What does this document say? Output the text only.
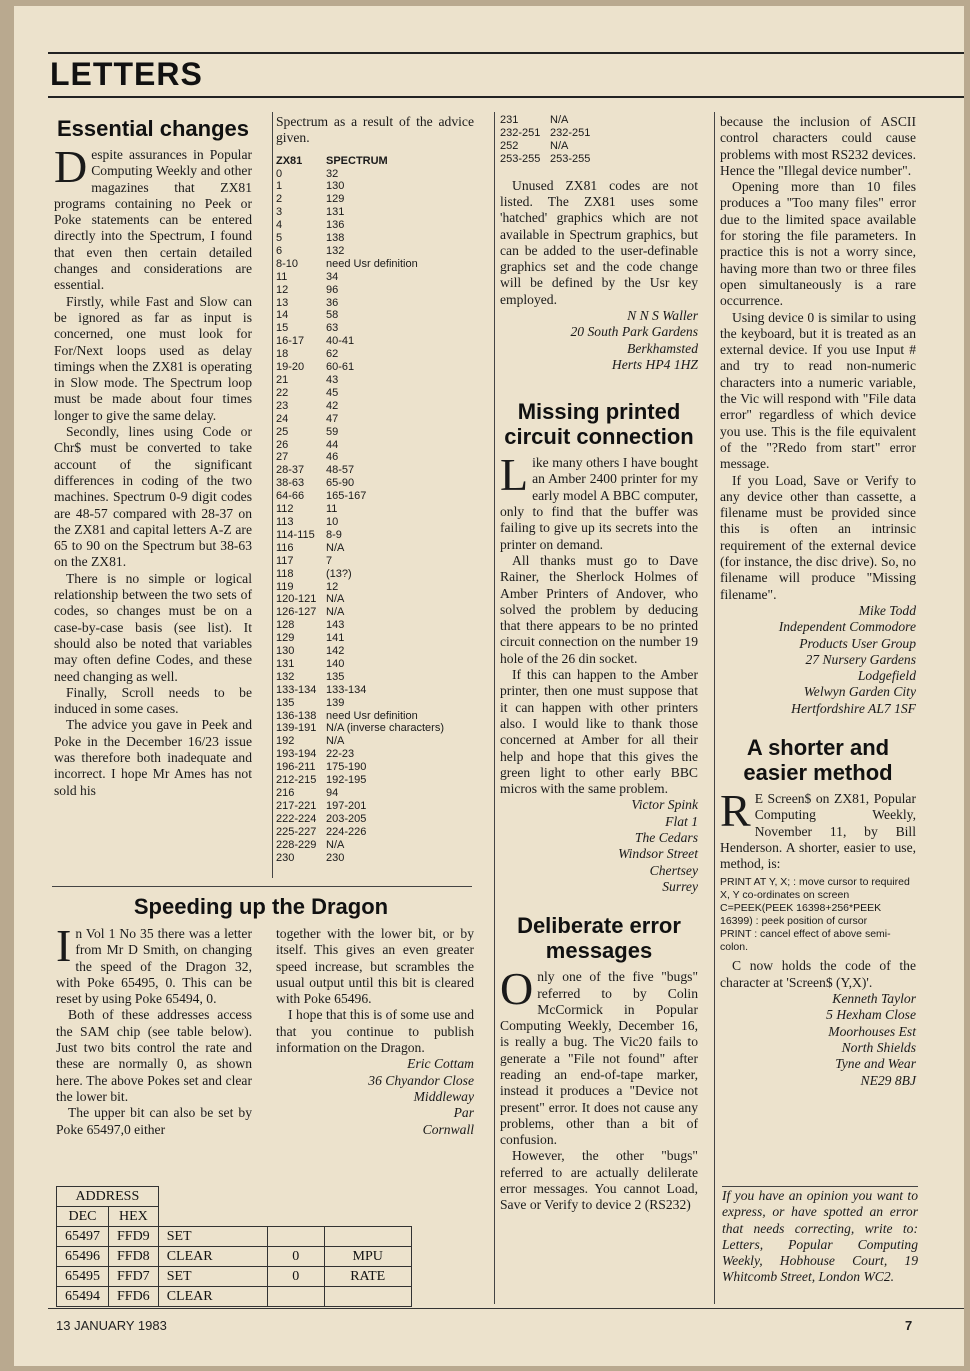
LETTERS
Essential changes

Despite assurances in Popular Computing Weekly and other magazines that ZX81 programs containing no Peek or Poke statements can be entered directly into the Spectrum, I found that even then certain detailed changes and considerations are essential.

Firstly, while Fast and Slow can be ignored as far as input is concerned, one must look for For/Next loops used as delay timings when the ZX81 is operating in Slow mode. The Spectrum loop must be made about four times longer to give the same delay.

Secondly, lines using Code or Chr$ must be converted to take account of the significant differences in coding of the two machines. Spectrum 0-9 digit codes are 48-57 compared with 28-37 on the ZX81 and capital letters A-Z are 65 to 90 on the Spectrum but 38-63 on the ZX81.

There is no simple or logical relationship between the two sets of codes, so changes must be on a case-by-case basis (see list). It should also be noted that variables may often define Codes, and these need changing as well.

Finally, Scroll needs to be induced in some cases.

The advice you gave in Peek and Poke in the December 16/23 issue was therefore both inadequate and incorrect. I hope Mr Ames has not sold his

Spectrum as a result of the advice given.

ZX81	SPECTRUM
0	32
1	130
2	129
3	131
4	136
5	138
6	132
8-10	need Usr definition
11	34
12	96
13	36
14	58
15	63
16-17	40-41
18	62
19-20	60-61
21	43
22	45
23	42
24	47
25	59
26	44
27	46
28-37	48-57
38-63	65-90
64-66	165-167
112	11
113	10
114-115	8-9
116	N/A
117	7
118	(13?)
119	12
120-121 N/A
126-127 N/A
128	143
129	141
130	142
131	140
132	135
133-134 133-134
135	139
136-138 need Usr definition
139-191 N/A (inverse characters)
192	N/A
193-194 22-23
196-211 175-190
212-215 192-195
216	94
217-221 197-201
222-224 203-205
225-227 224-226
228-229 N/A
230	230
231	N/A
232-251 232-251
252	N/A
253-255 253-255

Unused ZX81 codes are not listed. The ZX81 uses some 'hatched' graphics which are not available in Spectrum graphics, but can be added to the user-definable graphics set and the code change will be defined by the Usr key employed.

N N S Waller
20 South Park Gardens
Berkhamsted
Herts HP4 1HZ
Missing printed circuit connection

Like many others I have bought an Amber 2400 printer for my early model A BBC computer, only to find that the buffer was failing to give up its secrets into the printer on demand.

All thanks must go to Dave Rainer, the Sherlock Holmes of Amber Printers of Andover, who solved the problem by deducing that there appears to be no printed circuit connection on the number 19 hole of the 26 din socket.

If this can happen to the Amber printer, then one must suppose that it can happen with other printers also. I would like to thank those concerned at Amber for all their help and hope that this gives the green light to other early BBC micros with the same problem.

Victor Spink
Flat 1
The Cedars
Windsor Street
Chertsey
Surrey
Deliberate error messages

Only one of the five "bugs" referred to by Colin McCormick in Popular Computing Weekly, December 16, is really a bug. The Vic20 fails to generate a "File not found" after reading an end-of-tape marker, instead it produces a "Device not present" error. It does not cause any problems, other than a bit of confusion.

However, the other "bugs" referred to are actually delilerate error messages. You cannot Load, Save or Verify to device 2 (RS232)

because the inclusion of ASCII control characters could cause problems with most RS232 devices. Hence the "Illegal device number".

Opening more than 10 files produces a "Too many files" error due to the limited space available for storing the file parameters. In practice this is not a worry since, having more than two or three files open simultaneously is a rare occurrence.

Using device 0 is similar to using the keyboard, but it is treated as an external device. If you use Input # and try to read non-numeric characters into a numeric variable, the Vic will respond with "File data error" regardless of which device you use. This is the file equivalent of the "?Redo from start" error message.

If you Load, Save or Verify to any device other than cassette, a filename must be provided since this is often an intrinsic requirement of the external device (for instance, the disc drive). So, no filename will produce "Missing filename".

Mike Todd
Independent Commodore
Products User Group
27 Nursery Gardens
Lodgefield
Welwyn Garden City
Hertfordshire AL7 1SF
A shorter and easier method

R E Screen$ on ZX81, Popular Computing Weekly, November 11, by Bill Henderson. A shorter, easier to use, method, is:

PRINT AT Y, X; : move cursor to required X, Y co-ordinates on screen
C=PEEK(PEEK 16398+256*PEEK 16399) : peek position of cursor
PRINT : cancel effect of above semi-colon.

C now holds the code of the character at 'Screen$ (Y,X)'.

Kenneth Taylor
5 Hexham Close
Moorhouses Est
North Shields
Tyne and Wear
NE29 8BJ
If you have an opinion you want to express, or have spotted an error that needs correcting, write to: Letters, Popular Computing Weekly, Hobhouse Court, 19 Whitcomb Street, London WC2.
Speeding up the Dragon

In Vol 1 No 35 there was a letter from Mr D Smith, on changing the speed of the Dragon 32, with Poke 65495, 0. This can be reset by using Poke 65494, 0.

Both of these addresses access the SAM chip (see table below). Just two bits control the rate and these are normally 0, as shown here. The above Pokes set and clear the lower bit.

The upper bit can also be set by Poke 65497,0 either

together with the lower bit, or by itself. This gives an even greater speed increase, but scrambles the usual output until this bit is cleared with Poke 65496.

I hope that this is of some use and that you continue to publish information on the Dragon.

Eric Cottam
36 Chyandor Close
Middleway
Par
Cornwall
ADDRESS				
DEC	HEX			
65497	FFD9	SET		
65496	FFD8	CLEAR	0	MPU
65495	FFD7	SET	0	RATE
65494	FFD6	CLEAR		
13 JANUARY 1983	7
